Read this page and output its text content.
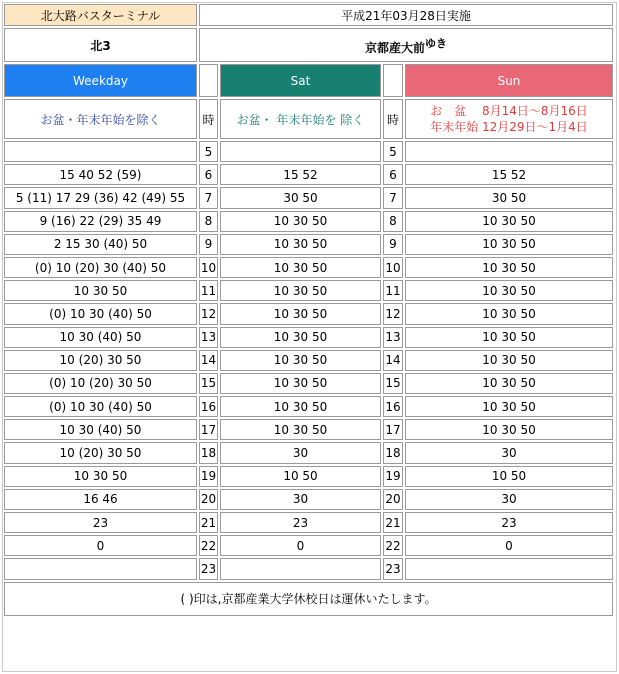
北大路バスターミナル	平成21年03月28日実施			
北3	京都産大前ゆき			
Weekday		Sat		Sun
お盆・年末年始を除く	時	お盆・ 年末年始を 除く	時	お　盆　 8月14日～8月16日
年末年始 12月29日～1月4日

	5		5	
15 40 52 (59)	6	15 52	6	15 52
5 (11) 17 29 (36) 42 (49) 55	7	30 50	7	30 50
9 (16) 22 (29) 35 49	8	10 30 50	8	10 30 50
2 15 30 (40) 50	9	10 30 50	9	10 30 50
(0) 10 (20) 30 (40) 50	10	10 30 50	10	10 30 50
10 30 50	11	10 30 50	11	10 30 50
(0) 10 30 (40) 50	12	10 30 50	12	10 30 50
10 30 (40) 50	13	10 30 50	13	10 30 50
10 (20) 30 50	14	10 30 50	14	10 30 50
(0) 10 (20) 30 50	15	10 30 50	15	10 30 50
(0) 10 30 (40) 50	16	10 30 50	16	10 30 50
10 30 (40) 50	17	10 30 50	17	10 30 50
10 (20) 30 50	18	30	18	30
10 30 50	19	10 50	19	10 50
16 46	20	30	20	30
23	21	23	21	23
0	22	0	22	0
	23		23	
( )印は,京都産業大学休校日は運休いたします。				
